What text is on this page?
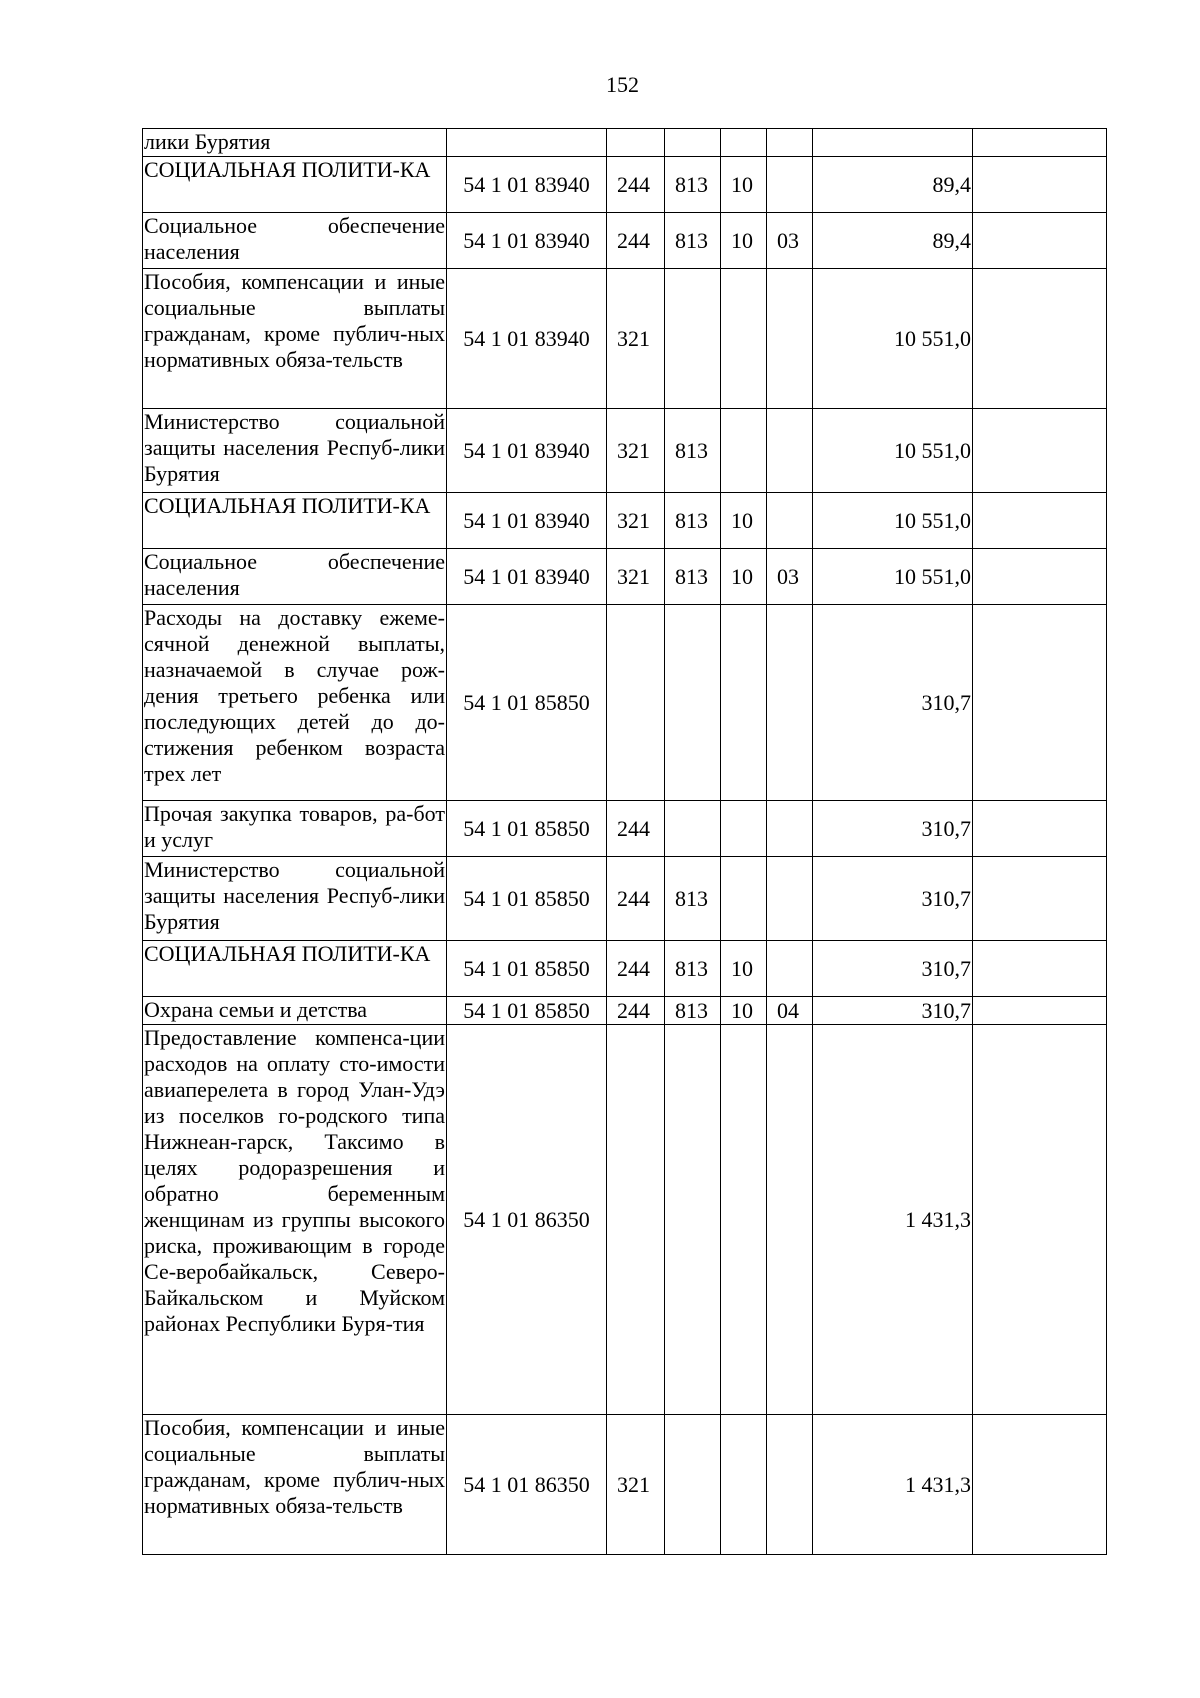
152
лики Бурятия							
СОЦИАЛЬНАЯ ПОЛИТИ-КА	54 1 01 83940	244	813	10		89,4	
Социальное обеспечение населения	54 1 01 83940	244	813	10	03	89,4	
Пособия, компенсации и иные социальные выплаты гражданам, кроме публич-ных нормативных обяза-тельств	54 1 01 83940	321				10 551,0	
Министерство социальной защиты населения Респуб-лики Бурятия	54 1 01 83940	321	813			10 551,0	
СОЦИАЛЬНАЯ ПОЛИТИ-КА	54 1 01 83940	321	813	10		10 551,0	
Социальное обеспечение населения	54 1 01 83940	321	813	10	03	10 551,0	
Расходы на доставку ежеме-сячной денежной выплаты, назначаемой в случае рож-дения третьего ребенка или последующих детей до до-стижения ребенком возраста трех лет	54 1 01 85850					310,7	
Прочая закупка товаров, ра-бот и услуг	54 1 01 85850	244				310,7	
Министерство социальной защиты населения Респуб-лики Бурятия	54 1 01 85850	244	813			310,7	
СОЦИАЛЬНАЯ ПОЛИТИ-КА	54 1 01 85850	244	813	10		310,7	
Охрана семьи и детства	54 1 01 85850	244	813	10	04	310,7	
Предоставление компенса-ции расходов на оплату сто-имости авиаперелета в город Улан-Удэ из поселков го-родского типа Нижнеан-гарск, Таксимо в целях родоразрешения и обратно беременным женщинам из группы высокого риска, проживающим в городе Се-веробайкальск, Северо-Байкальском и Муйском районах Республики Буря-тия	54 1 01 86350					1 431,3	
Пособия, компенсации и иные социальные выплаты гражданам, кроме публич-ных нормативных обяза-тельств	54 1 01 86350	321				1 431,3	
